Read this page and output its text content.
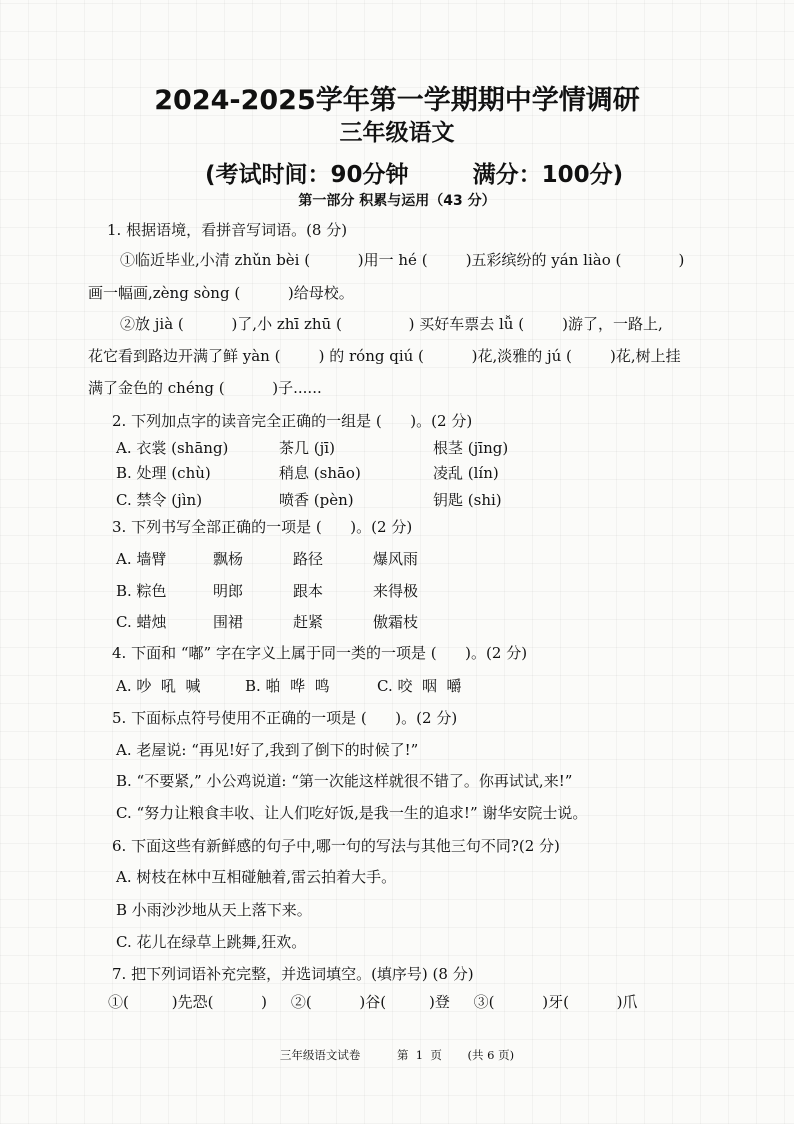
2024-2025学年第一学期期中学情调研
三年级语文
(考试时间：90分钟        满分：100分)
第一部分 积累与运用（43 分）
1. 根据语境，看拼音写词语。(8 分)
①临近毕业,小清 zhǔn bèi (          )用一 hé (        )五彩缤纷的 yán liào (            )
画一幅画,zèng sòng (          )给母校。
②放 jià (          )了,小 zhī zhū (              ) 买好车票去 lǚ (        )游了，一路上,
花它看到路边开满了鲜 yàn (        ) 的 róng qiú (          )花,淡雅的 jú (        )花,树上挂
满了金色的 chéng (          )子......
2. 下列加点字的读音完全正确的一组是 (      )。(2 分)
A. 衣裳 (shāng)	茶几 (jī)	根茎 (jīng)
B. 处理 (chù)	稍息 (shāo)	凌乱 (lín)
C. 禁令 (jìn)	喷香 (pèn)	钥匙 (shi)
3. 下列书写全部正确的一项是 (      )。(2 分)
A. 墙臂	飘杨	路径	爆风雨
B. 粽色	明郎	跟本	来得极
C. 蜡烛	围裙	赶紧	傲霜枝
4. 下面和 “嘟” 字在字义上属于同一类的一项是 (      )。(2 分)
A. 吵  吼  喊	B. 啪  哗  鸣	C. 咬  咽  嚼
5. 下面标点符号使用不正确的一项是 (      )。(2 分)
A. 老屋说: “再见!好了,我到了倒下的时候了!”
B. “不要紧,” 小公鸡说道: “第一次能这样就很不错了。你再试试,来!”
C. “努力让粮食丰收、让人们吃好饭,是我一生的追求!” 谢华安院士说。
6. 下面这些有新鲜感的句子中,哪一句的写法与其他三句不同?(2 分)
A. 树枝在林中互相碰触着,雷云拍着大手。
B 小雨沙沙地从天上落下来。
C. 花儿在绿草上跳舞,狂欢。
7. 把下列词语补充完整，并选词填空。(填序号) (8 分)
①(         )先恐(          )     ②(          )谷(         )登     ③(          )牙(          )爪
三年级语文试卷          第  1  页       (共 6 页)
